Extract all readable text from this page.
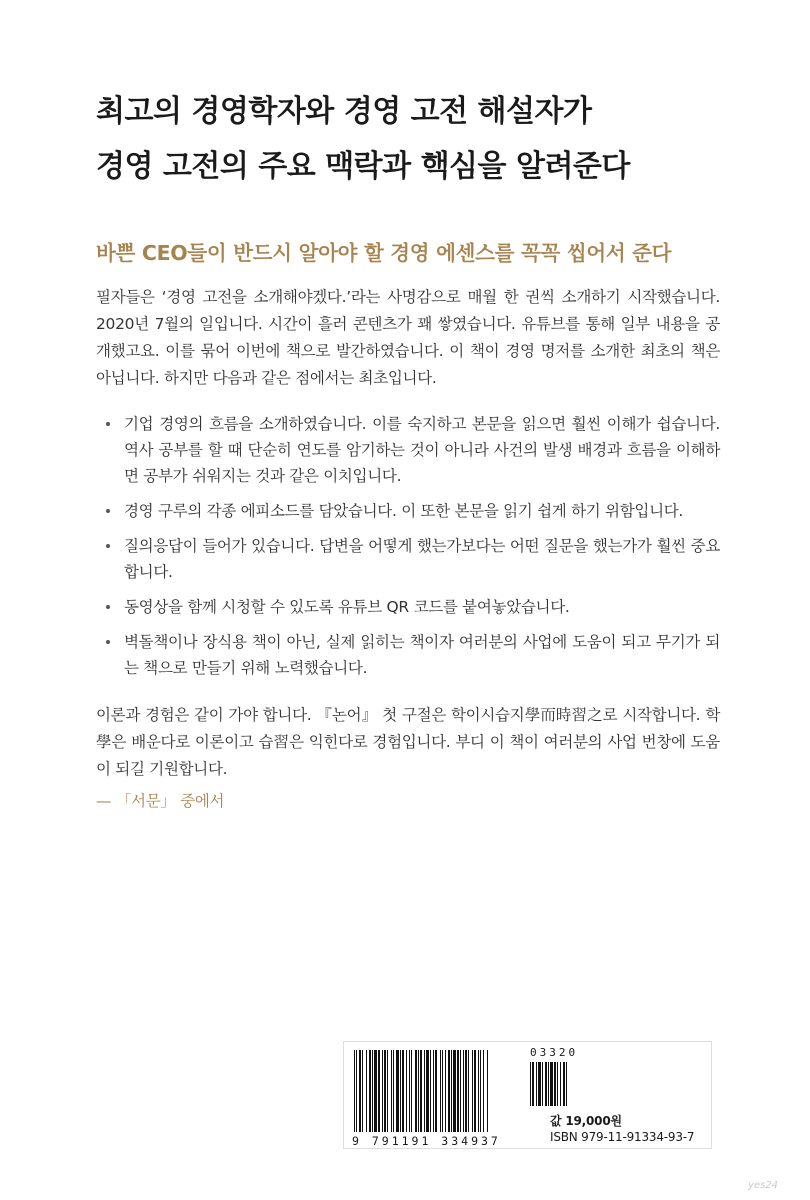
최고의 경영학자와 경영 고전 해설자가
경영 고전의 주요 맥락과 핵심을 알려준다
바쁜 CEO들이 반드시 알아야 할 경영 에센스를 꼭꼭 씹어서 준다
필자들은 ‘경영 고전을 소개해야겠다.’라는 사명감으로 매월 한 권씩 소개하기 시작했습니다. 2020년 7월의 일입니다. 시간이 흘러 콘텐츠가 꽤 쌓였습니다. 유튜브를 통해 일부 내용을 공개했고요. 이를 묶어 이번에 책으로 발간하였습니다. 이 책이 경영 명저를 소개한 최초의 책은 아닙니다. 하지만 다음과 같은 점에서는 최초입니다.
기업 경영의 흐름을 소개하였습니다. 이를 숙지하고 본문을 읽으면 훨씬 이해가 쉽습니다. 역사 공부를 할 때 단순히 연도를 암기하는 것이 아니라 사건의 발생 배경과 흐름을 이해하면 공부가 쉬워지는 것과 같은 이치입니다.
경영 구루의 각종 에피소드를 담았습니다. 이 또한 본문을 읽기 쉽게 하기 위함입니다.
질의응답이 들어가 있습니다. 답변을 어떻게 했는가보다는 어떤 질문을 했는가가 훨씬 중요합니다.
동영상을 함께 시청할 수 있도록 유튜브 QR 코드를 붙여놓았습니다.
벽돌책이나 장식용 책이 아닌, 실제 읽히는 책이자 여러분의 사업에 도움이 되고 무기가 되는 책으로 만들기 위해 노력했습니다.
이론과 경험은 같이 가야 합니다. 『논어』 첫 구절은 학이시습지學而時習之로 시작합니다. 학學은 배운다로 이론이고 습習은 익힌다로 경험입니다. 부디 이 책이 여러분의 사업 번창에 도움이 되길 기원합니다.
— 「서문」 중에서
03320
9 791191 334937
값 19,000원
ISBN 979-11-91334-93-7
yes24
